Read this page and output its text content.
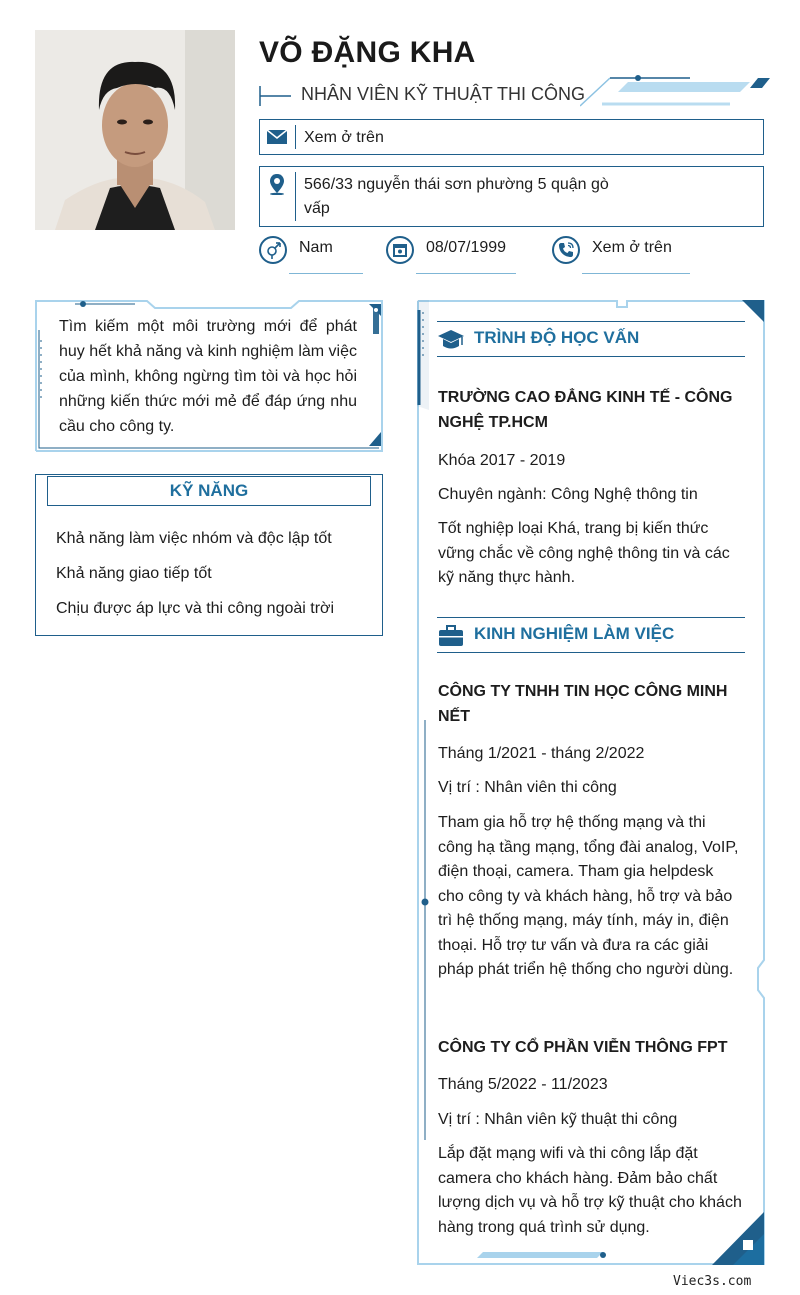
VÕ ĐẶNG KHA
NHÂN VIÊN KỸ THUẬT THI CÔNG
Xem ở trên
566/33 nguyễn thái sơn phường 5 quận gò vấp
Nam	08/07/1999	Xem ở trên
Tìm kiếm một môi trường mới để phát huy hết khả năng và kinh nghiệm làm việc của mình, không ngừng tìm tòi và học hỏi những kiến thức mới mẻ để đáp ứng nhu cầu cho công ty.
KỸ NĂNG
Khả năng làm việc nhóm và độc lập tốt
Khả năng giao tiếp tốt
Chịu được áp lực và thi công ngoài trời
TRÌNH ĐỘ HỌC VẤN
TRƯỜNG CAO ĐẲNG KINH TẾ - CÔNG NGHỆ TP.HCM
Khóa 2017 - 2019
Chuyên ngành: Công Nghệ thông tin
Tốt nghiệp loại Khá, trang bị kiến thức vững chắc về công nghệ thông tin và các kỹ năng thực hành.
KINH NGHIỆM LÀM VIỆC
CÔNG TY TNHH TIN HỌC CÔNG MINH NẾT
Tháng 1/2021 - tháng 2/2022
Vị trí : Nhân viên thi công
Tham gia hỗ trợ hệ thống mạng và thi công hạ tầng mạng, tổng đài analog, VoIP, điện thoại, camera. Tham gia helpdesk cho công ty và khách hàng, hỗ trợ và bảo trì hệ thống mạng, máy tính, máy in, điện thoại. Hỗ trợ tư vấn và đưa ra các giải pháp phát triển hệ thống cho người dùng.
CÔNG TY CỔ PHẦN VIỄN THÔNG FPT
Tháng 5/2022 - 11/2023
Vị trí : Nhân viên kỹ thuật thi công
Lắp đặt mạng wifi và thi công lắp đặt camera cho khách hàng. Đảm bảo chất lượng dịch vụ và hỗ trợ kỹ thuật cho khách hàng trong quá trình sử dụng.
Viec3s.com
